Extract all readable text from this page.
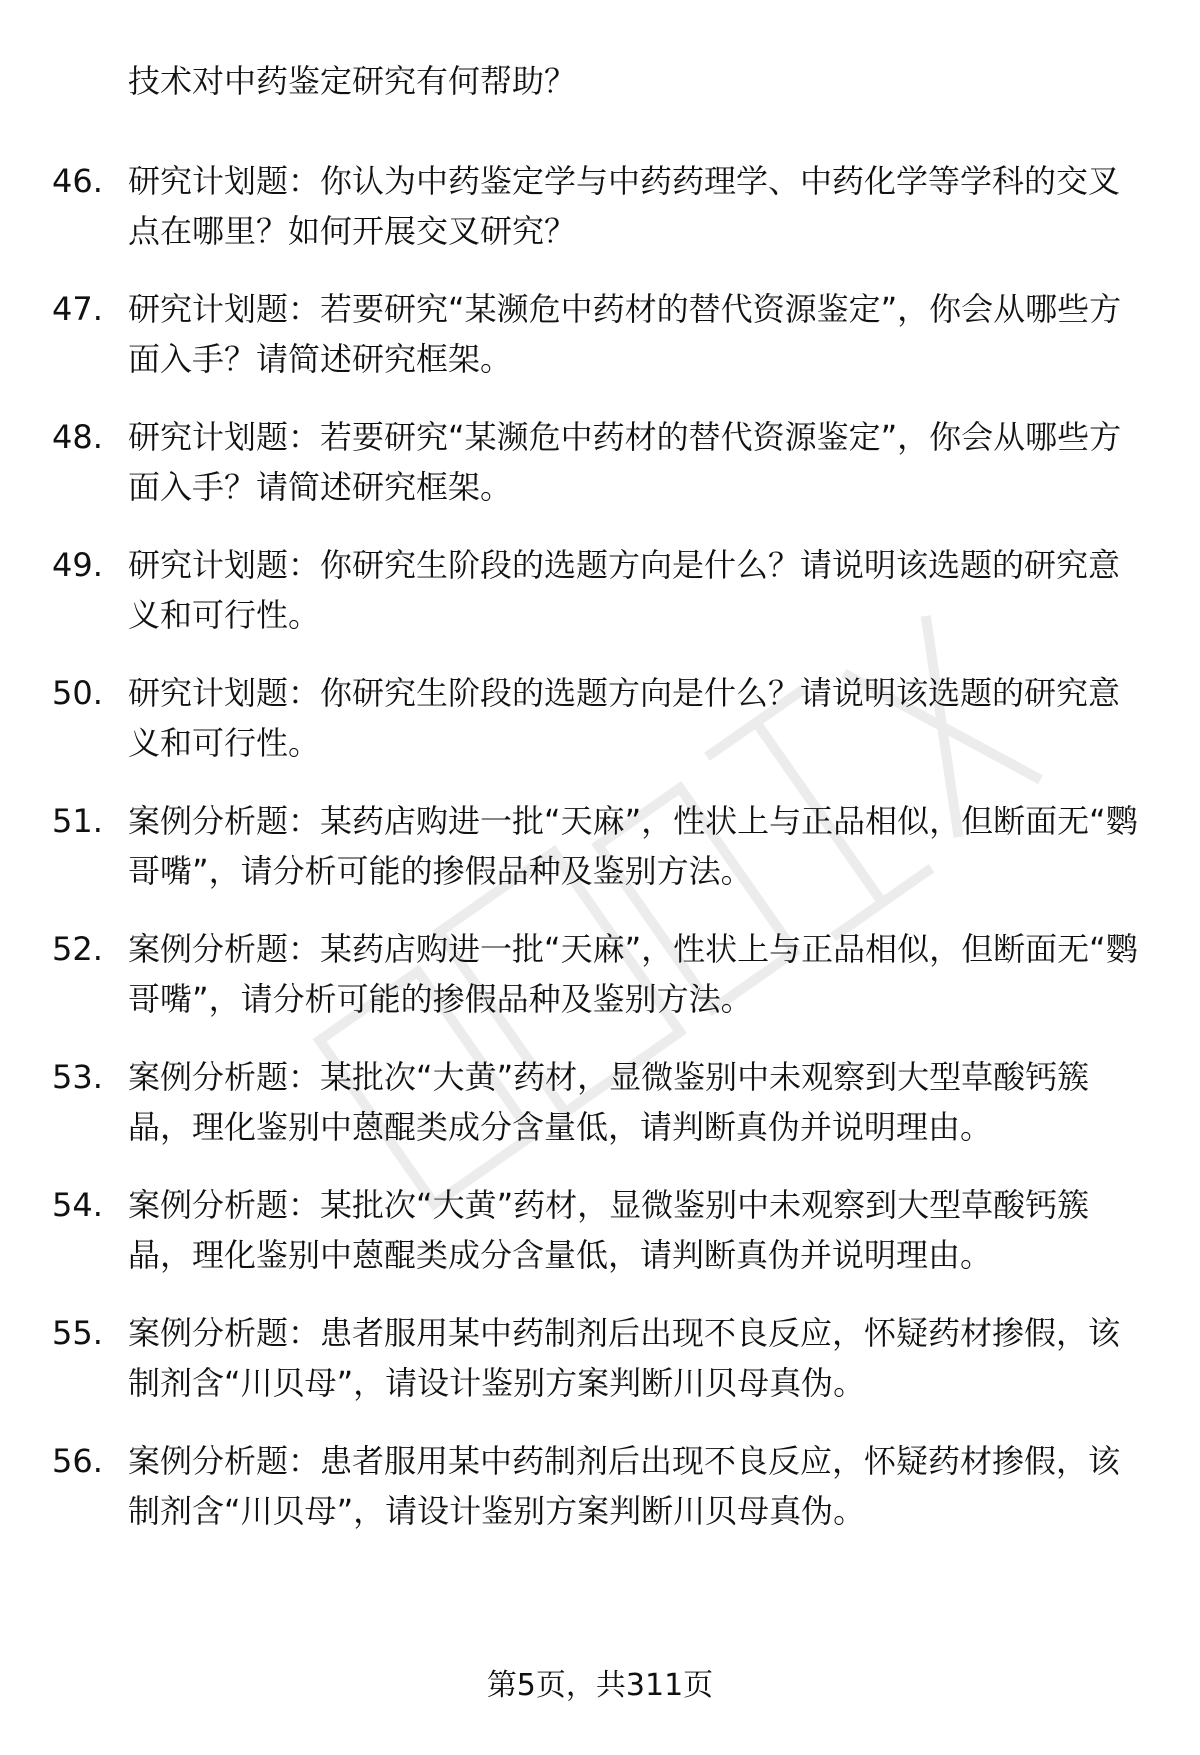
技术对中药鉴定研究有何帮助？

46. 研究计划题：你认为中药鉴定学与中药药理学、中药化学等学科的交叉点在哪里？如何开展交叉研究？
47. 研究计划题：若要研究“某濒危中药材的替代资源鉴定”，你会从哪些方面入手？请简述研究框架。
48. 研究计划题：若要研究“某濒危中药材的替代资源鉴定”，你会从哪些方面入手？请简述研究框架。
49. 研究计划题：你研究生阶段的选题方向是什么？请说明该选题的研究意义和可行性。
50. 研究计划题：你研究生阶段的选题方向是什么？请说明该选题的研究意义和可行性。
51. 案例分析题：某药店购进一批“天麻”，性状上与正品相似，但断面无“鹦哥嘴”，请分析可能的掺假品种及鉴别方法。
52. 案例分析题：某药店购进一批“天麻”，性状上与正品相似，但断面无“鹦哥嘴”，请分析可能的掺假品种及鉴别方法。
53. 案例分析题：某批次“大黄”药材，显微鉴别中未观察到大型草酸钙簇晶，理化鉴别中蒽醌类成分含量低，请判断真伪并说明理由。
54. 案例分析题：某批次“大黄”药材，显微鉴别中未观察到大型草酸钙簇晶，理化鉴别中蒽醌类成分含量低，请判断真伪并说明理由。
55. 案例分析题：患者服用某中药制剂后出现不良反应，怀疑药材掺假，该制剂含“川贝母”，请设计鉴别方案判断川贝母真伪。
56. 案例分析题：患者服用某中药制剂后出现不良反应，怀疑药材掺假，该制剂含“川贝母”，请设计鉴别方案判断川贝母真伪。
第5页，共311页
